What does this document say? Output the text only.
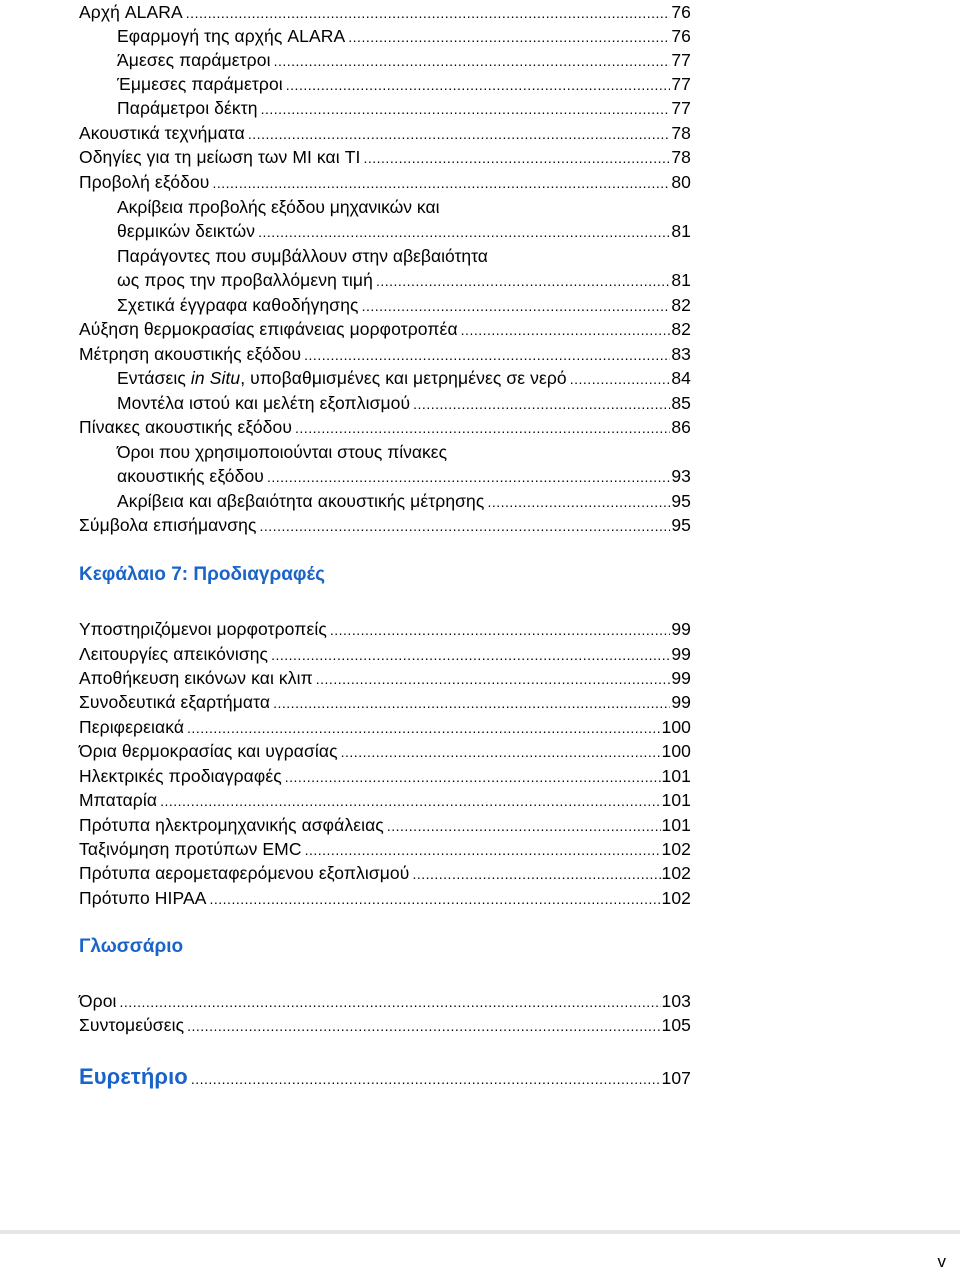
Αρχή ALARA .....	76
Εφαρμογή της αρχής ALARA .....	76
Άμεσες παράμετροι .....	77
Έμμεσες παράμετροι .....	77
Παράμετροι δέκτη .....	77
Ακουστικά τεχνήματα .....	78
Οδηγίες για τη μείωση των MI και TI .....	78
Προβολή εξόδου .....	80
Ακρίβεια προβολής εξόδου μηχανικών και
θερμικών δεικτών .....	81
Παράγοντες που συμβάλλουν στην αβεβαιότητα
ως προς την προβαλλόμενη τιμή .....	81
Σχετικά έγγραφα καθοδήγησης .....	82
Αύξηση θερμοκρασίας επιφάνειας μορφοτροπέα .....	82
Μέτρηση ακουστικής εξόδου .....	83
Εντάσεις in Situ, υποβαθμισμένες και μετρημένες σε νερό .....	84
Μοντέλα ιστού και μελέτη εξοπλισμού .....	85
Πίνακες ακουστικής εξόδου .....	86
Όροι που χρησιμοποιούνται στους πίνακες
ακουστικής εξόδου .....	93
Ακρίβεια και αβεβαιότητα ακουστικής μέτρησης .....	95
Σύμβολα επισήμανσης .....	95
Κεφάλαιο 7: Προδιαγραφές
Υποστηριζόμενοι μορφοτροπείς .....	99
Λειτουργίες απεικόνισης .....	99
Αποθήκευση εικόνων και κλιπ .....	99
Συνοδευτικά εξαρτήματα .....	99
Περιφερειακά .....	100
Όρια θερμοκρασίας και υγρασίας .....	100
Ηλεκτρικές προδιαγραφές .....	101
Μπαταρία .....	101
Πρότυπα ηλεκτρομηχανικής ασφάλειας .....	101
Ταξινόμηση προτύπων EMC .....	102
Πρότυπα αερομεταφερόμενου εξοπλισμού .....	102
Πρότυπο HIPAA .....	102
Γλωσσάριο
Όροι .....	103
Συντομεύσεις .....	105
Ευρετήριο .....	107
v
